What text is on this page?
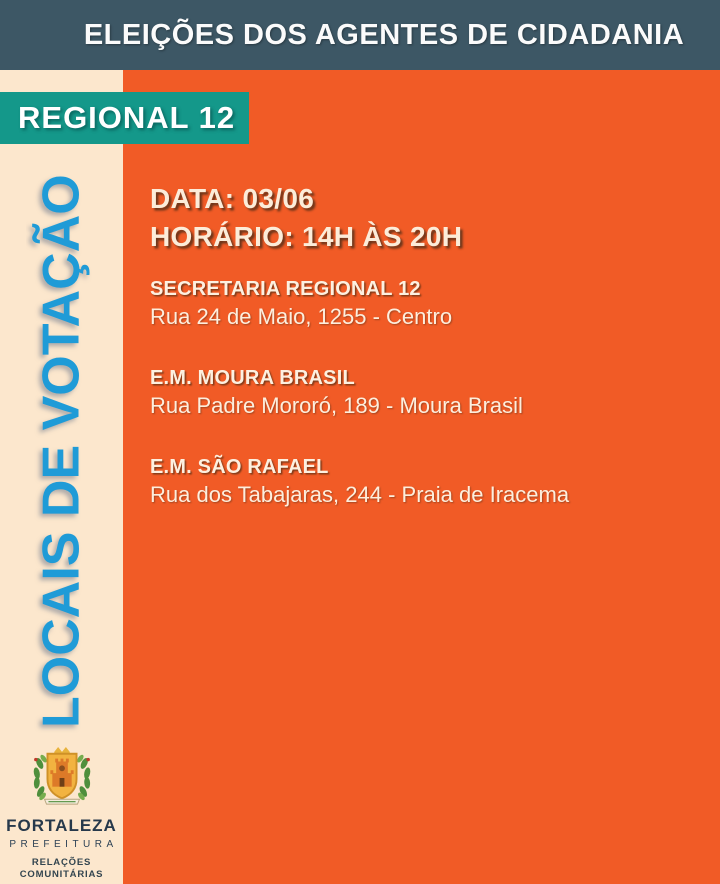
ELEIÇÕES DOS AGENTES DE CIDADANIA
REGIONAL 12
LOCAIS DE VOTAÇÃO	DATA: 03/06
HORÁRIO: 14H ÀS 20H
SECRETARIA REGIONAL 12
Rua 24 de Maio, 1255 - Centro
E.M. MOURA BRASIL
Rua Padre Mororó, 189 - Moura Brasil
E.M. SÃO RAFAEL
Rua dos Tabajaras, 244 - Praia de Iracema
FORTALEZA
PREFEITURA
RELAÇÕES
COMUNITÁRIAS
